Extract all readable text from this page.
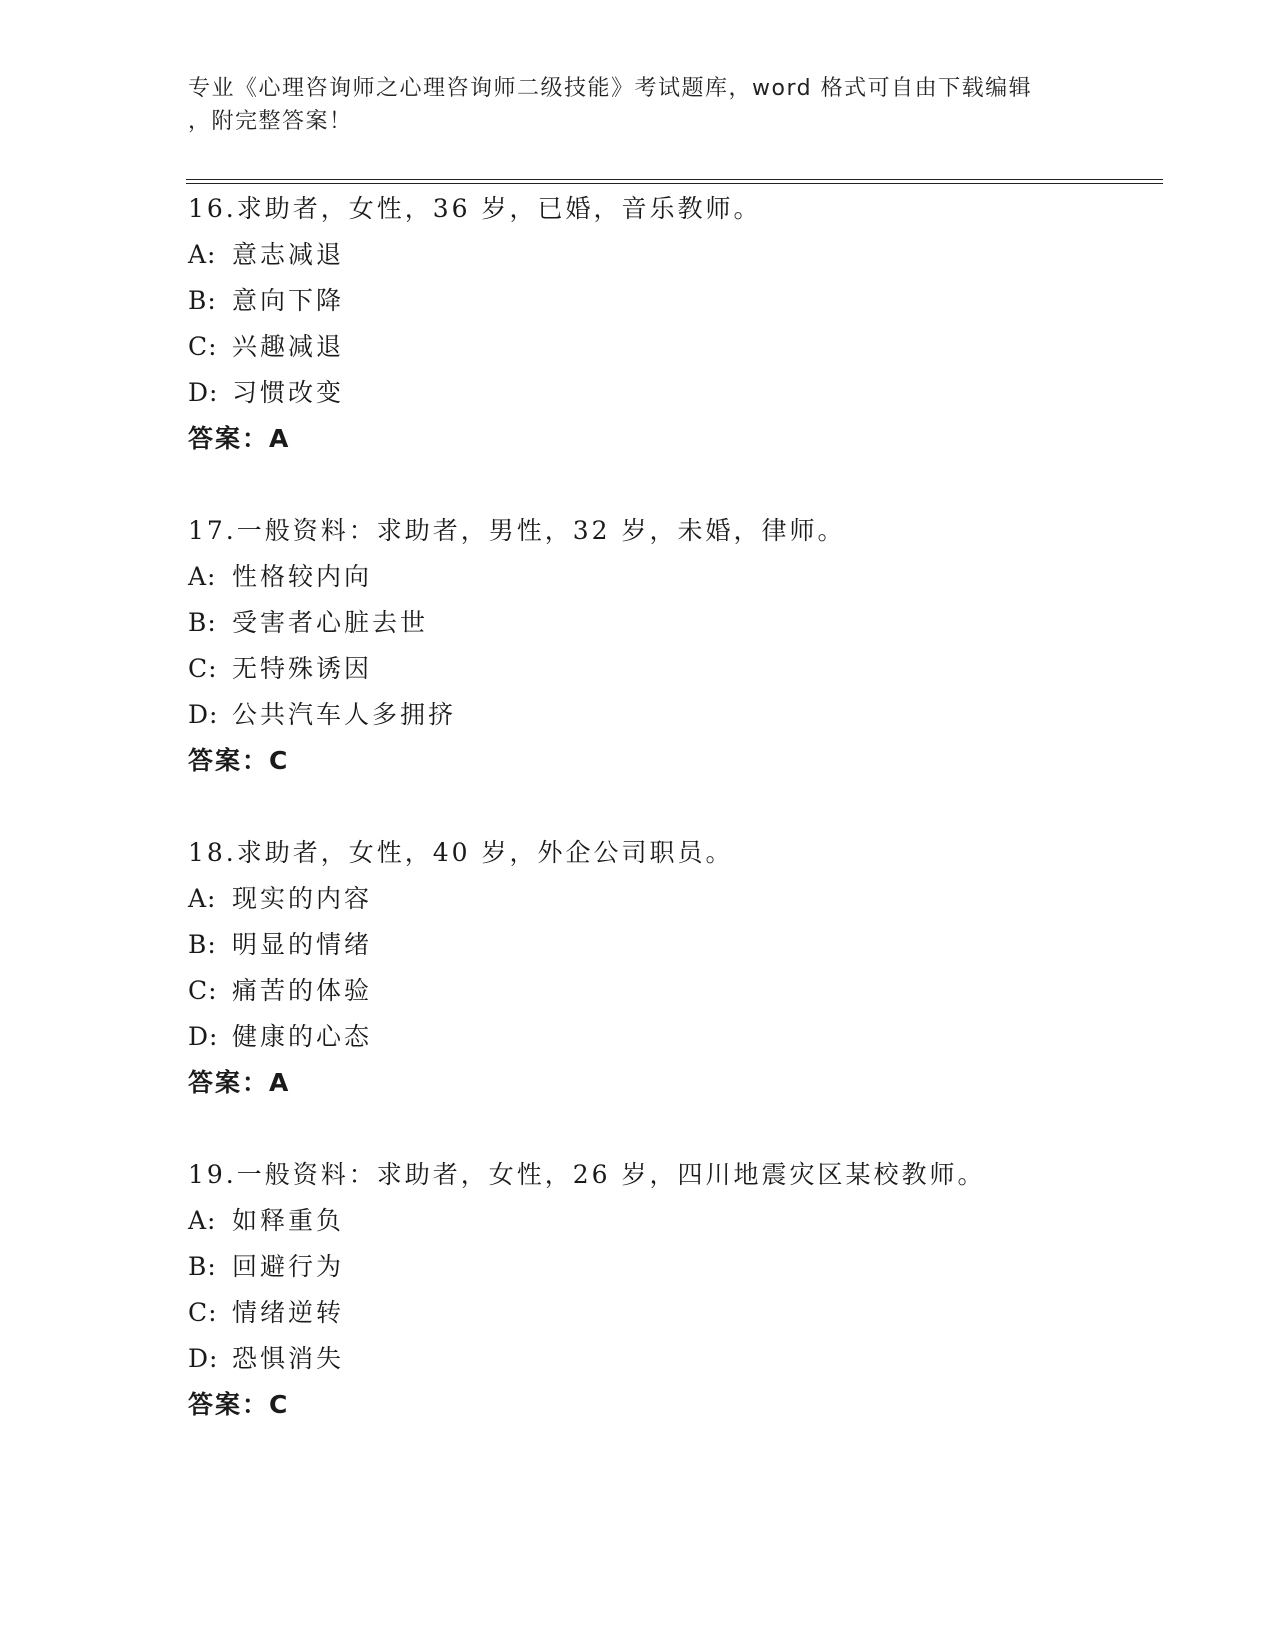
专业《心理咨询师之心理咨询师二级技能》考试题库，word 格式可自由下载编辑
，附完整答案！
16.求助者，女性，36 岁，已婚，音乐教师。
A: 意志减退
B: 意向下降
C: 兴趣减退
D: 习惯改变
答案：A
17.一般资料：求助者，男性，32 岁，未婚，律师。
A: 性格较内向
B: 受害者心脏去世
C: 无特殊诱因
D: 公共汽车人多拥挤
答案：C
18.求助者，女性，40 岁，外企公司职员。
A: 现实的内容
B: 明显的情绪
C: 痛苦的体验
D: 健康的心态
答案：A
19.一般资料：求助者，女性，26 岁，四川地震灾区某校教师。
A: 如释重负
B: 回避行为
C: 情绪逆转
D: 恐惧消失
答案：C
